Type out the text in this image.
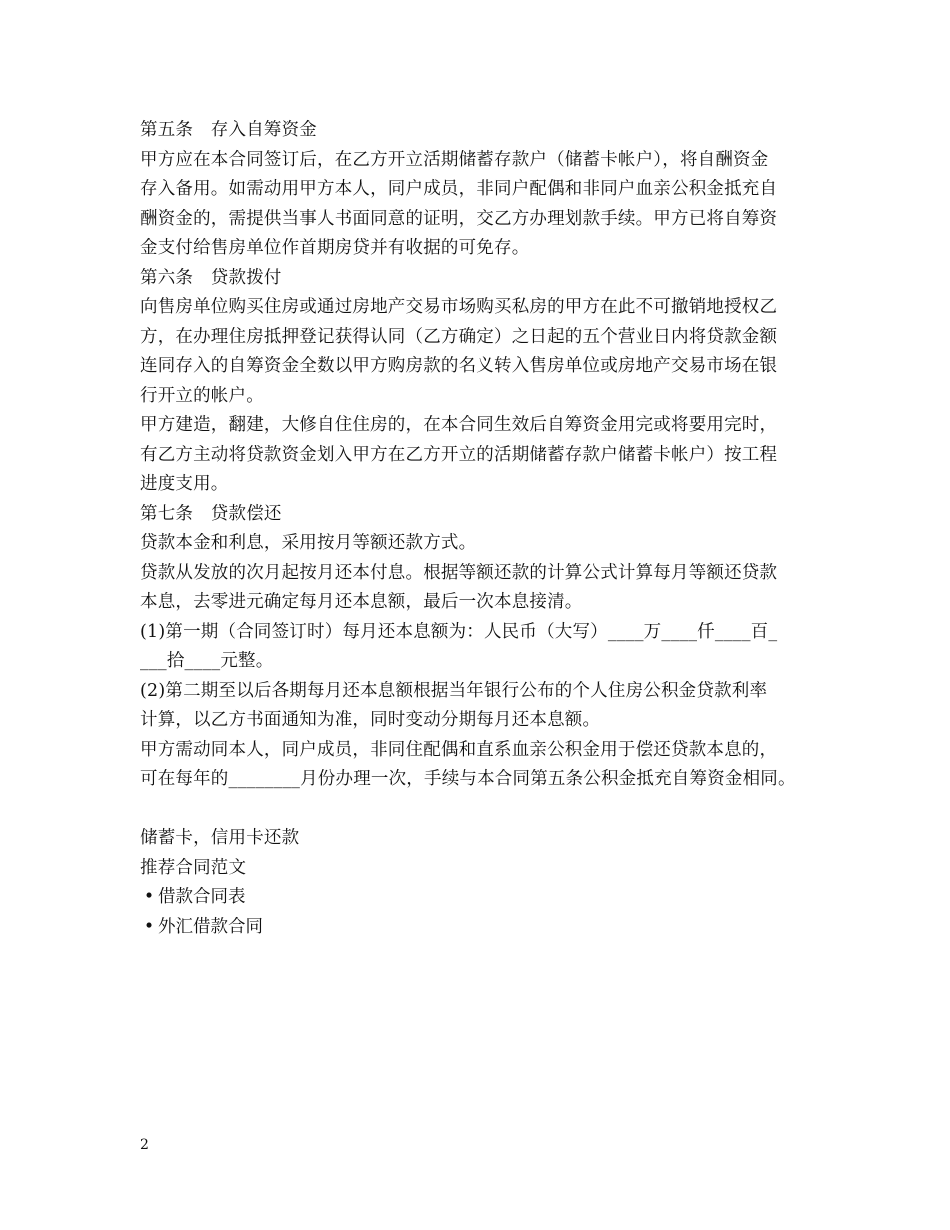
第五条　存入自筹资金
甲方应在本合同签订后，在乙方开立活期储蓄存款户（储蓄卡帐户），将自酬资金
存入备用。如需动用甲方本人，同户成员，非同户配偶和非同户血亲公积金抵充自
酬资金的，需提供当事人书面同意的证明，交乙方办理划款手续。甲方已将自筹资
金支付给售房单位作首期房贷并有收据的可免存。
第六条　贷款拨付
向售房单位购买住房或通过房地产交易市场购买私房的甲方在此不可撤销地授权乙
方，在办理住房抵押登记获得认同（乙方确定）之日起的五个营业日内将贷款金额
连同存入的自筹资金全数以甲方购房款的名义转入售房单位或房地产交易市场在银
行开立的帐户。
甲方建造，翻建，大修自住住房的，在本合同生效后自筹资金用完或将要用完时，
有乙方主动将贷款资金划入甲方在乙方开立的活期储蓄存款户储蓄卡帐户）按工程
进度支用。
第七条　贷款偿还
贷款本金和利息，采用按月等额还款方式。
贷款从发放的次月起按月还本付息。根据等额还款的计算公式计算每月等额还贷款
本息，去零进元确定每月还本息额，最后一次本息接清。
(1)第一期（合同签订时）每月还本息额为：人民币（大写）____万____仟____百_
___拾____元整。
(2)第二期至以后各期每月还本息额根据当年银行公布的个人住房公积金贷款利率
计算，以乙方书面通知为准，同时变动分期每月还本息额。
甲方需动同本人，同户成员，非同住配偶和直系血亲公积金用于偿还贷款本息的，
可在每年的________月份办理一次，手续与本合同第五条公积金抵充自筹资金相同。
储蓄卡，信用卡还款
推荐合同范文
• 借款合同表
• 外汇借款合同
2
